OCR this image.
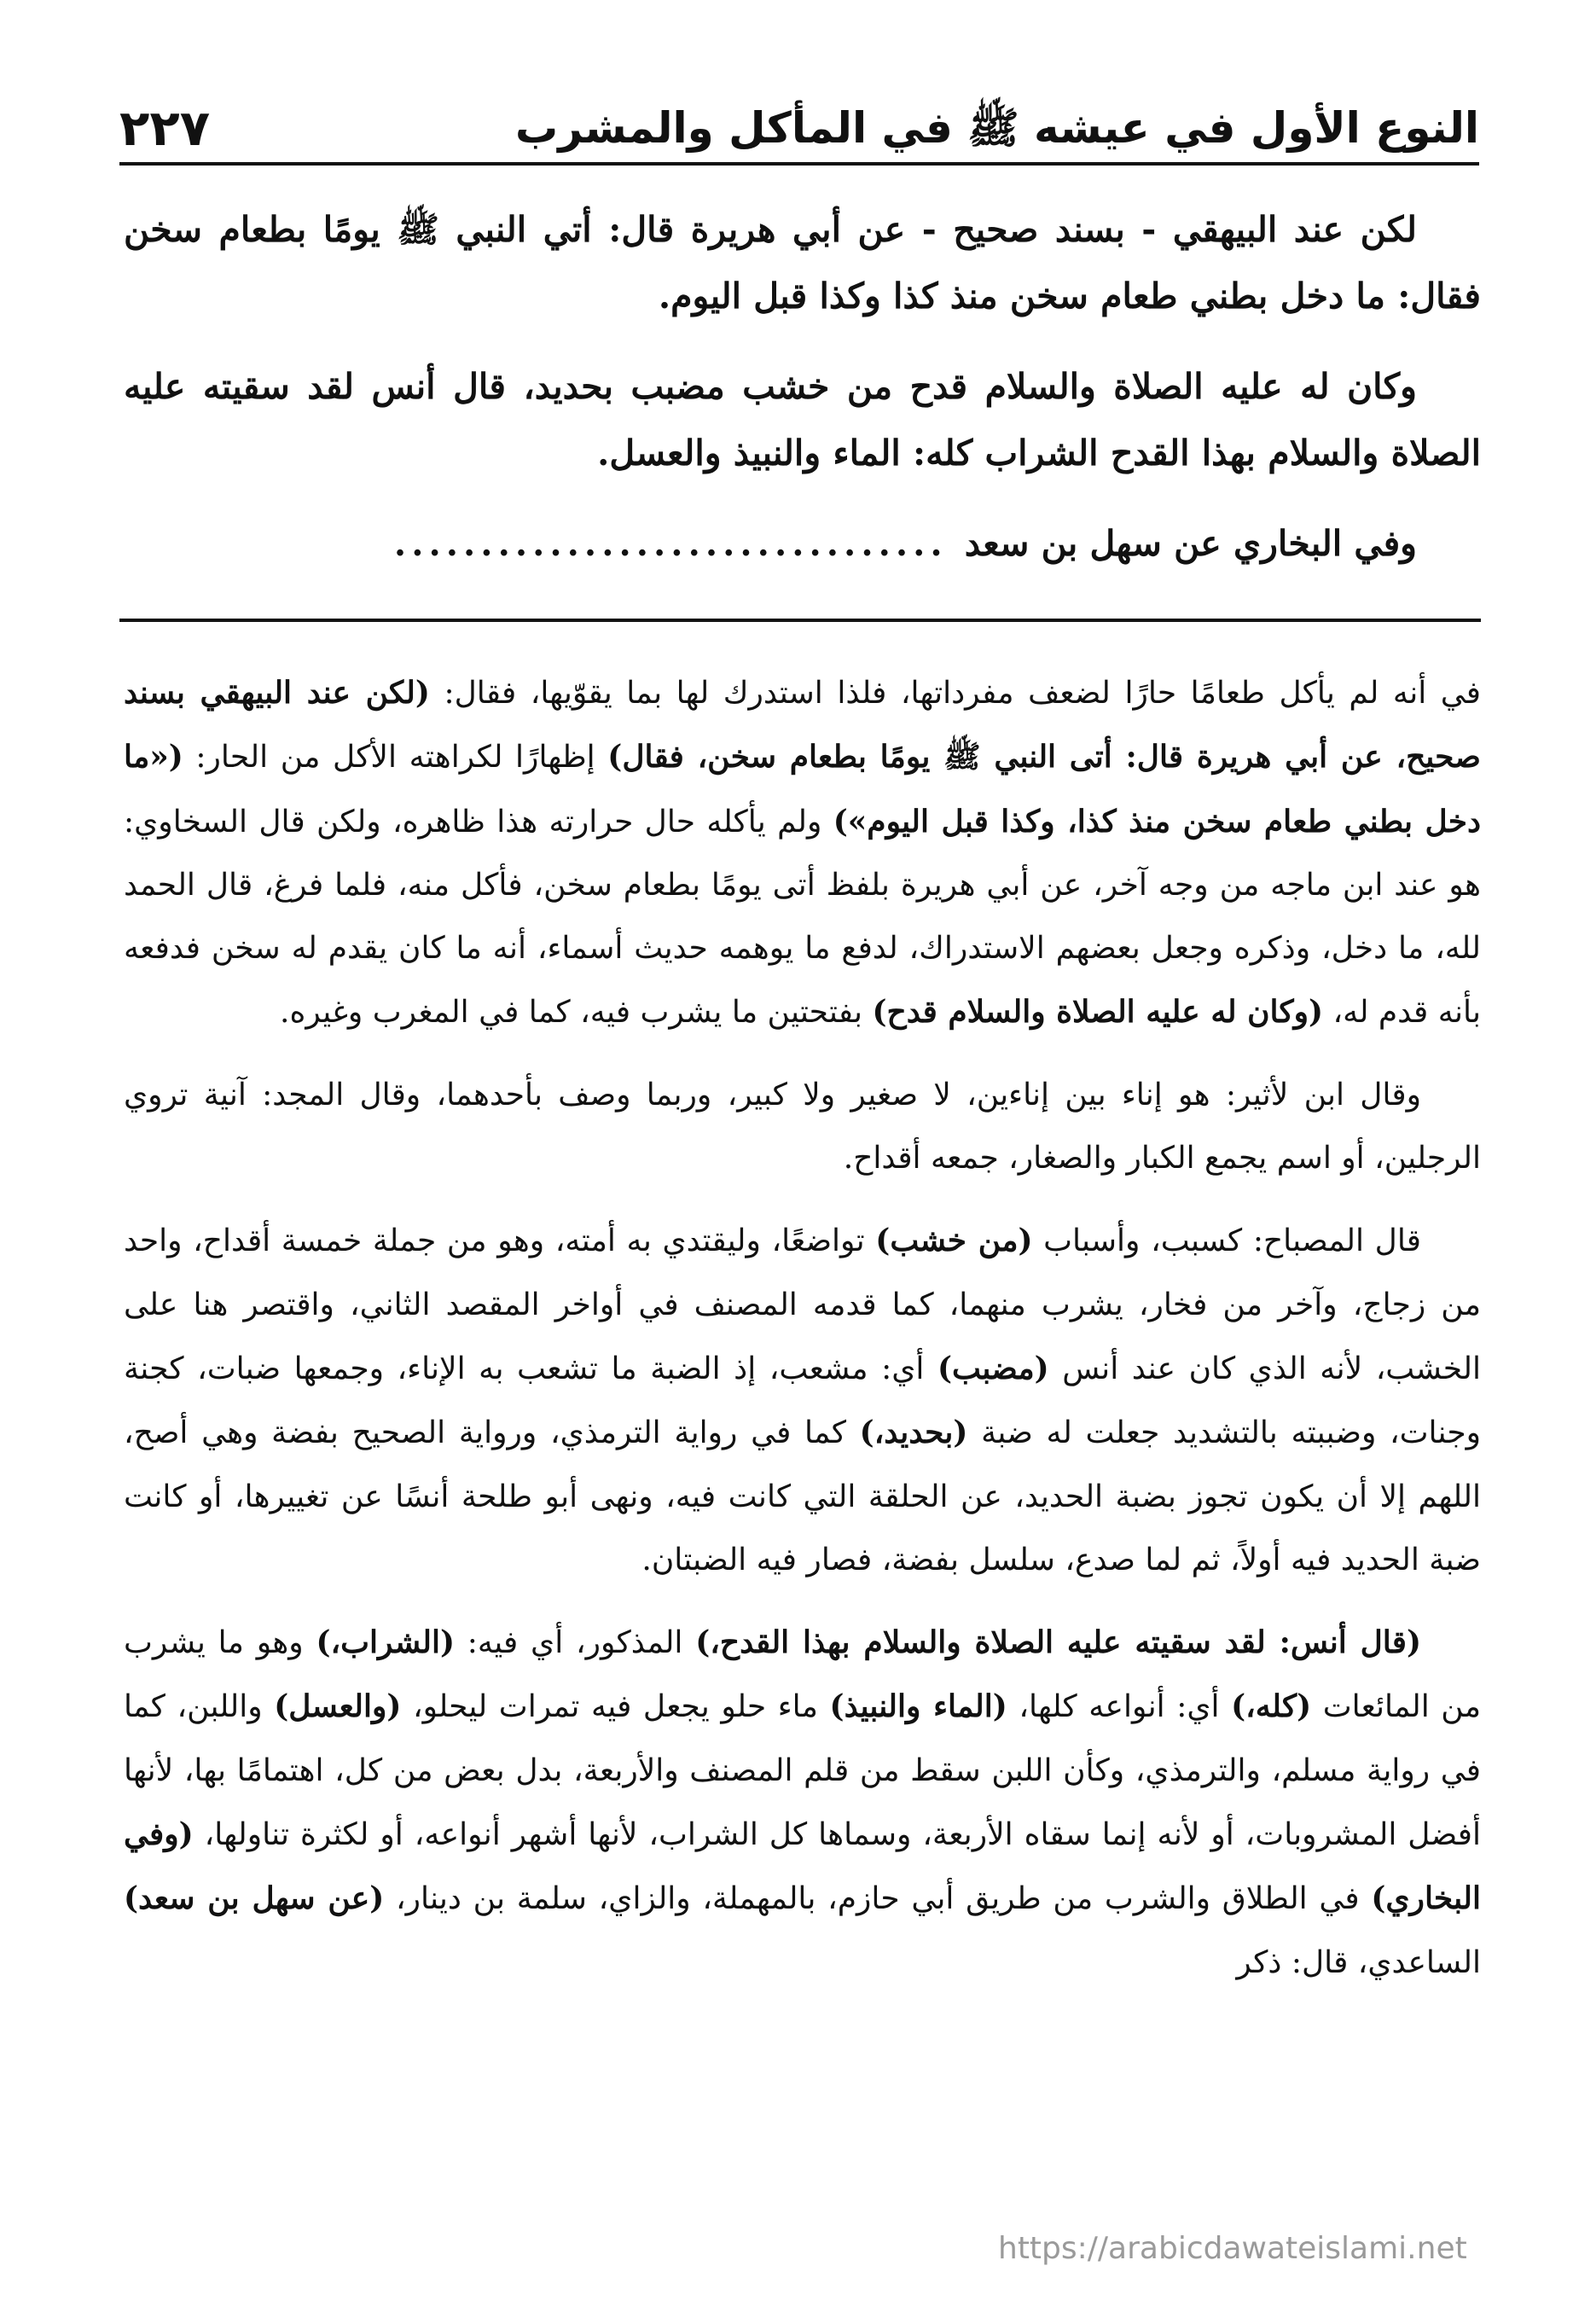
النوع الأول في عيشه ﷺ في المأكل والمشرب
٢٢٧

لكن عند البيهقي - بسند صحيح - عن أبي هريرة قال: أتي النبي ﷺ يومًا بطعام سخن فقال: ما دخل بطني طعام سخن منذ كذا وكذا قبل اليوم.

وكان له عليه الصلاة والسلام قدح من خشب مضبب بحديد، قال أنس لقد سقيته عليه الصلاة والسلام بهذا القدح الشراب كله: الماء والنبيذ والعسل.

وفي البخاري عن سهل بن سعد
................................

في أنه لم يأكل طعامًا حارًا لضعف مفرداتها، فلذا استدرك لها بما يقوّيها، فقال: (لكن عند البيهقي بسند صحيح، عن أبي هريرة قال: أتى النبي ﷺ يومًا بطعام سخن، فقال) إظهارًا لكراهته الأكل من الحار: («ما دخل بطني طعام سخن منذ كذا، وكذا قبل اليوم») ولم يأكله حال حرارته هذا ظاهره، ولكن قال السخاوي: هو عند ابن ماجه من وجه آخر، عن أبي هريرة بلفظ أتى يومًا بطعام سخن، فأكل منه، فلما فرغ، قال الحمد لله، ما دخل، وذكره وجعل بعضهم الاستدراك، لدفع ما يوهمه حديث أسماء، أنه ما كان يقدم له سخن فدفعه بأنه قدم له، (وكان له عليه الصلاة والسلام قدح) بفتحتين ما يشرب فيه، كما في المغرب وغيره.

وقال ابن لأثير: هو إناء بين إناءين، لا صغير ولا كبير، وربما وصف بأحدهما، وقال المجد: آنية تروي الرجلين، أو اسم يجمع الكبار والصغار، جمعه أقداح.

قال المصباح: كسبب، وأسباب (من خشب) تواضعًا، وليقتدي به أمته، وهو من جملة خمسة أقداح، واحد من زجاج، وآخر من فخار، يشرب منهما، كما قدمه المصنف في أواخر المقصد الثاني، واقتصر هنا على الخشب، لأنه الذي كان عند أنس (مضبب) أي: مشعب، إذ الضبة ما تشعب به الإناء، وجمعها ضبات، كجنة وجنات، وضببته بالتشديد جعلت له ضبة (بحديد،) كما في رواية الترمذي، ورواية الصحيح بفضة وهي أصح، اللهم إلا أن يكون تجوز بضبة الحديد، عن الحلقة التي كانت فيه، ونهى أبو طلحة أنسًا عن تغييرها، أو كانت ضبة الحديد فيه أولاً، ثم لما صدع، سلسل بفضة، فصار فيه الضبتان.

(قال أنس: لقد سقيته عليه الصلاة والسلام بهذا القدح،) المذكور، أي فيه: (الشراب،) وهو ما يشرب من المائعات (كله،) أي: أنواعه كلها، (الماء والنبيذ) ماء حلو يجعل فيه تمرات ليحلو، (والعسل) واللبن، كما في رواية مسلم، والترمذي، وكأن اللبن سقط من قلم المصنف والأربعة، بدل بعض من كل، اهتمامًا بها، لأنها أفضل المشروبات، أو لأنه إنما سقاه الأربعة، وسماها كل الشراب، لأنها أشهر أنواعه، أو لكثرة تناولها، (وفي البخاري) في الطلاق والشرب من طريق أبي حازم، بالمهملة، والزاي، سلمة بن دينار، (عن سهل بن سعد) الساعدي، قال: ذكر

https://arabicdawateislami.net
